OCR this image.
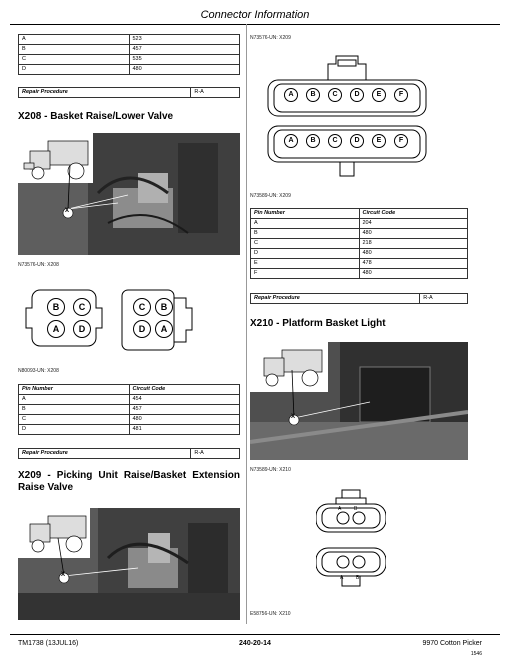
Connector Information
A	523
B	457
C	535
D	480
Repair Procedure	R-A
X208 - Basket Raise/Lower Valve
X
N73576-UN: X208
B	C
A	D
C	B
D	A
N80093-UN: X208
Pin Number	Circuit Code
A	454
B	457
C	480
D	481
Repair Procedure	R-A
X209 - Picking Unit Raise/Basket Extension Raise Valve
X
N73576-UN: X209
A	B	C	D	E	F
A	B	C	D	E	F
N73589-UN: X209
Pin Number	Circuit Code
A	204
B	480
C	218
D	480
E	478
F	480
Repair Procedure	R-A
X210 - Platform Basket Light
X
N73589-UN: X210
A	B
A	B
E58756-UN: X210
TM1738 (13JUL16)	240-20-14	9970 Cotton Picker
1546
